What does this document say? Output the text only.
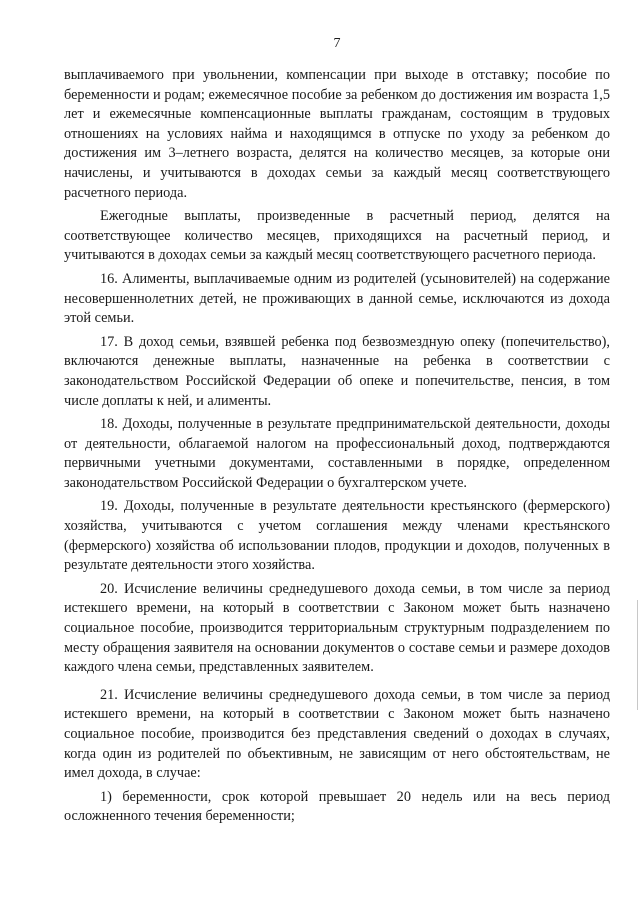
7

выплачиваемого при увольнении, компенсации при выходе в отставку; пособие по беременности и родам; ежемесячное пособие за ребенком до достижения им возраста 1,5 лет и ежемесячные компенсационные выплаты гражданам, состоящим в трудовых отношениях на условиях найма и находящимся в отпуске по уходу за ребенком до достижения им 3–летнего возраста, делятся на количество месяцев, за которые они начислены, и учитываются в доходах семьи за каждый месяц соответствующего расчетного периода.

Ежегодные выплаты, произведенные в расчетный период, делятся на соответствующее количество месяцев, приходящихся на расчетный период, и учитываются в доходах семьи за каждый месяц соответствующего расчетного периода.

16. Алименты, выплачиваемые одним из родителей (усыновителей) на содержание несовершеннолетних детей, не проживающих в данной семье, исключаются из дохода этой семьи.

17. В доход семьи, взявшей ребенка под безвозмездную опеку (попечительство), включаются денежные выплаты, назначенные на ребенка в соответствии с законодательством Российской Федерации об опеке и попечительстве, пенсия, в том числе доплаты к ней, и алименты.

18. Доходы, полученные в результате предпринимательской деятельности, доходы от деятельности, облагаемой налогом на профессиональный доход, подтверждаются первичными учетными документами, составленными в порядке, определенном законодательством Российской Федерации о бухгалтерском учете.

19. Доходы, полученные в результате деятельности крестьянского (фермерского) хозяйства, учитываются с учетом соглашения между членами крестьянского (фермерского) хозяйства об использовании плодов, продукции и доходов, полученных в результате деятельности этого хозяйства.

20. Исчисление величины среднедушевого дохода семьи, в том числе за период истекшего времени, на который в соответствии с Законом может быть назначено социальное пособие, производится территориальным структурным подразделением по месту обращения заявителя на основании документов о составе семьи и размере доходов каждого члена семьи, представленных заявителем.

21. Исчисление величины среднедушевого дохода семьи, в том числе за период истекшего времени, на который в соответствии с Законом может быть назначено социальное пособие, производится без представления сведений о доходах в случаях, когда один из родителей по объективным, не зависящим от него обстоятельствам, не имел дохода, в случае:

1) беременности, срок которой превышает 20 недель или на весь период осложненного течения беременности;
